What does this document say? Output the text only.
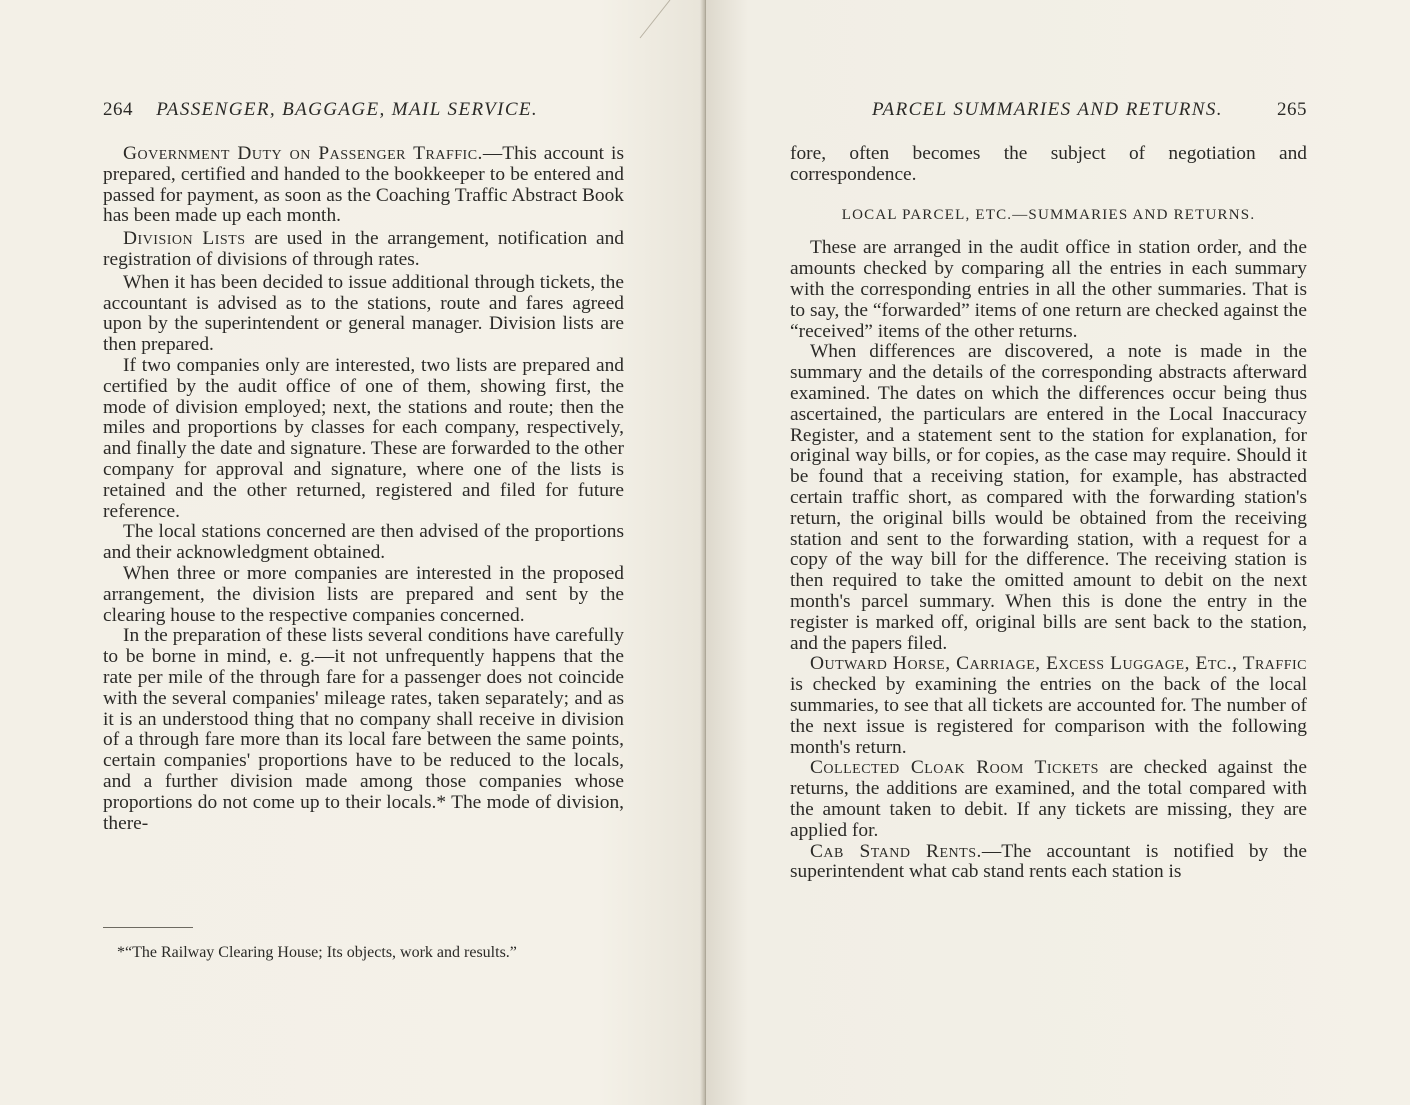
264 PASSENGER, BAGGAGE, MAIL SERVICE.

Government Duty on Passenger Traffic.—This account is prepared, certified and handed to the bookkeeper to be entered and passed for payment, as soon as the Coaching Traffic Abstract Book has been made up each month.

Division Lists are used in the arrangement, notification and registration of divisions of through rates.

When it has been decided to issue additional through tickets, the accountant is advised as to the stations, route and fares agreed upon by the superintendent or general manager. Division lists are then prepared.

If two companies only are interested, two lists are prepared and certified by the audit office of one of them, showing first, the mode of division employed; next, the stations and route; then the miles and proportions by classes for each company, respectively, and finally the date and signature. These are forwarded to the other company for approval and signature, where one of the lists is retained and the other returned, registered and filed for future reference.

The local stations concerned are then advised of the proportions and their acknowledgment obtained.

When three or more companies are interested in the proposed arrangement, the division lists are prepared and sent by the clearing house to the respective companies concerned.

In the preparation of these lists several conditions have carefully to be borne in mind, e. g.—it not unfrequently happens that the rate per mile of the through fare for a passenger does not coincide with the several companies' mileage rates, taken separately; and as it is an understood thing that no company shall receive in division of a through fare more than its local fare between the same points, certain companies' proportions have to be reduced to the locals, and a further division made among those companies whose proportions do not come up to their locals.* The mode of division, there-

*“The Railway Clearing House; Its objects, work and results.”

PARCEL SUMMARIES AND RETURNS.	265

fore, often becomes the subject of negotiation and correspondence.

LOCAL PARCEL, ETC.—SUMMARIES AND RETURNS.

These are arranged in the audit office in station order, and the amounts checked by comparing all the entries in each summary with the corresponding entries in all the other summaries. That is to say, the “forwarded” items of one return are checked against the “received” items of the other returns.

When differences are discovered, a note is made in the summary and the details of the corresponding abstracts afterward examined. The dates on which the differences occur being thus ascertained, the particulars are entered in the Local Inaccuracy Register, and a statement sent to the station for explanation, for original way bills, or for copies, as the case may require. Should it be found that a receiving station, for example, has abstracted certain traffic short, as compared with the forwarding station's return, the original bills would be obtained from the receiving station and sent to the forwarding station, with a request for a copy of the way bill for the difference. The receiving station is then required to take the omitted amount to debit on the next month's parcel summary. When this is done the entry in the register is marked off, original bills are sent back to the station, and the papers filed.

Outward Horse, Carriage, Excess Luggage, Etc., Traffic is checked by examining the entries on the back of the local summaries, to see that all tickets are accounted for. The number of the next issue is registered for comparison with the following month's return.

Collected Cloak Room Tickets are checked against the returns, the additions are examined, and the total compared with the amount taken to debit. If any tickets are missing, they are applied for.

Cab Stand Rents.—The accountant is notified by the superintendent what cab stand rents each station is
